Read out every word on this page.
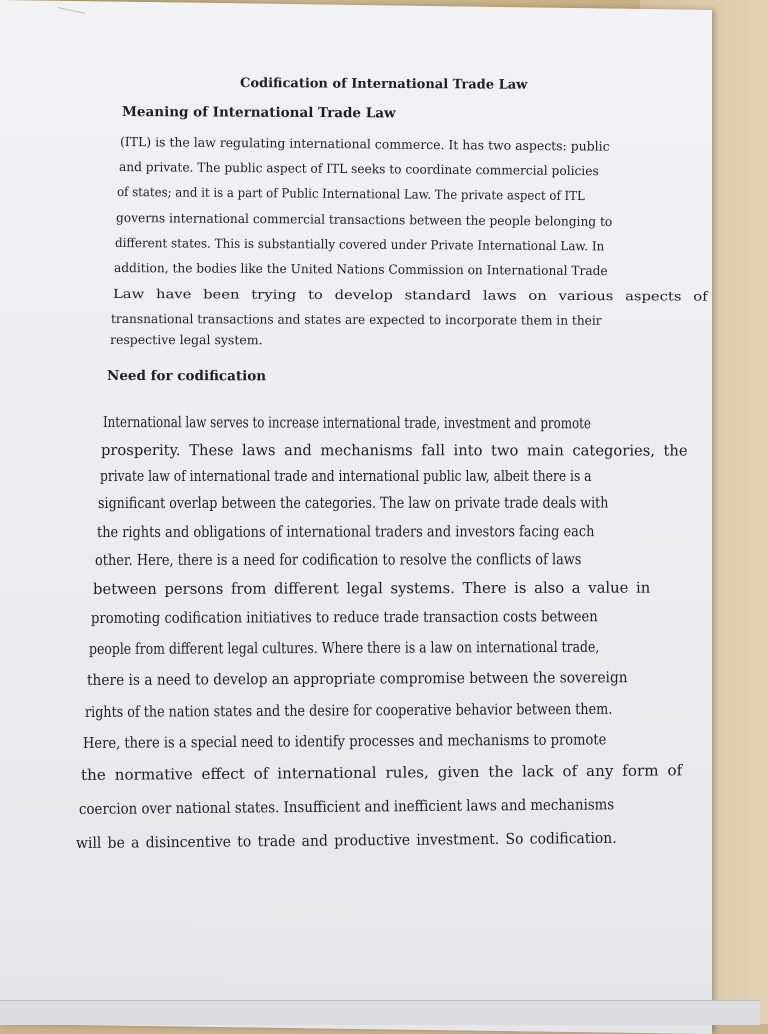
Codification of International Trade Law
Meaning of International Trade Law
(ITL) is the law regulating international commerce. It has two aspects: public
and private. The public aspect of ITL seeks to coordinate commercial policies
of states; and it is a part of Public International Law. The private aspect of ITL
governs international commercial transactions between the people belonging to
different states. This is substantially covered under Private International Law. In
addition, the bodies like the United Nations Commission on International Trade
Law have been trying to develop standard laws on various aspects of
transnational transactions and states are expected to incorporate them in their
respective legal system.
Need for codification
International law serves to increase international trade, investment and promote
prosperity. These laws and mechanisms fall into two main categories, the
private law of international trade and international public law, albeit there is a
significant overlap between the categories. The law on private trade deals with
the rights and obligations of international traders and investors facing each
other. Here, there is a need for codification to resolve the conflicts of laws
between persons from different legal systems. There is also a value in
promoting codification initiatives to reduce trade transaction costs between
people from different legal cultures. Where there is a law on international trade,
there is a need to develop an appropriate compromise between the sovereign
rights of the nation states and the desire for cooperative behavior between them.
Here, there is a special need to identify processes and mechanisms to promote
the normative effect of international rules, given the lack of any form of
coercion over national states. Insufficient and inefficient laws and mechanisms
will be a disincentive to trade and productive investment. So codification.
